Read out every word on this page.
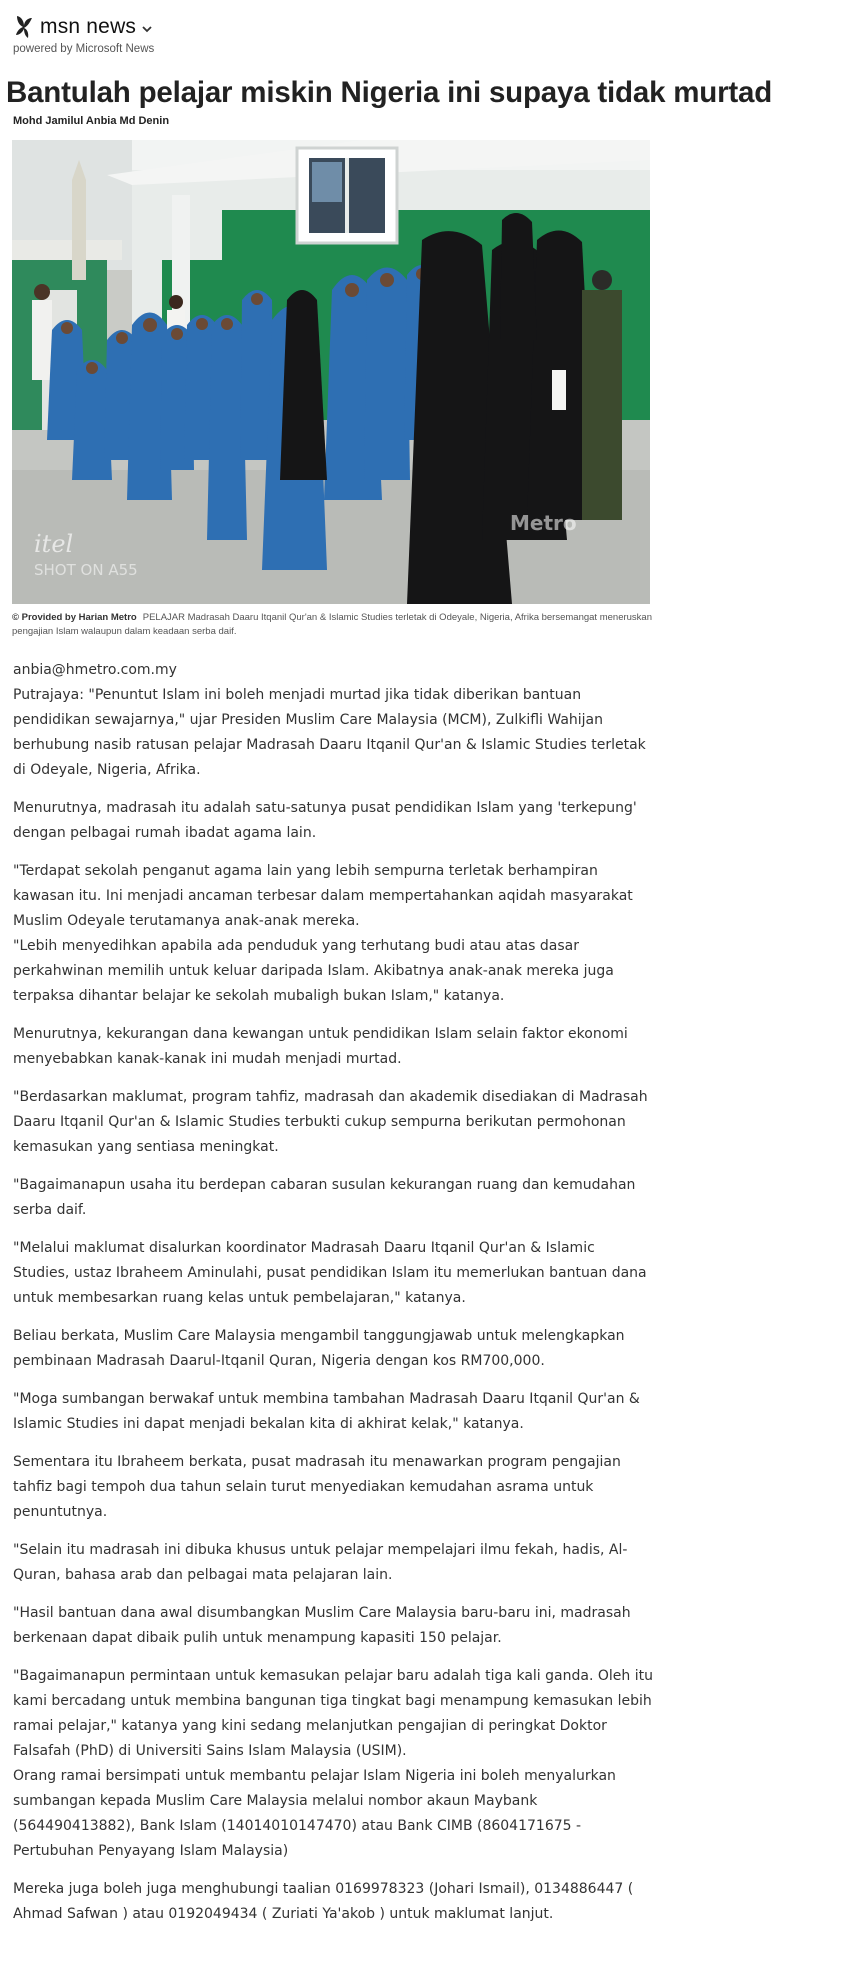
msn news
powered by Microsoft News
Bantulah pelajar miskin Nigeria ini supaya tidak murtad
Mohd Jamilul Anbia Md Denin
itel
SHOT ON A55
Metro
© Provided by Harian Metro PELAJAR Madrasah Daaru Itqanil Qur'an & Islamic Studies terletak di Odeyale, Nigeria, Afrika bersemangat meneruskan pengajian Islam walaupun dalam keadaan serba daif.

anbia@hmetro.com.my

Putrajaya: "Penuntut Islam ini boleh menjadi murtad jika tidak diberikan bantuan pendidikan sewajarnya," ujar Presiden Muslim Care Malaysia (MCM), Zulkifli Wahijan berhubung nasib ratusan pelajar Madrasah Daaru Itqanil Qur'an & Islamic Studies terletak di Odeyale, Nigeria, Afrika.

Menurutnya, madrasah itu adalah satu-satunya pusat pendidikan Islam yang 'terkepung' dengan pelbagai rumah ibadat agama lain.

"Terdapat sekolah penganut agama lain yang lebih sempurna terletak berhampiran kawasan itu. Ini menjadi ancaman terbesar dalam mempertahankan aqidah masyarakat Muslim Odeyale terutamanya anak-anak mereka.

"Lebih menyedihkan apabila ada penduduk yang terhutang budi atau atas dasar perkahwinan memilih untuk keluar daripada Islam. Akibatnya anak-anak mereka juga terpaksa dihantar belajar ke sekolah mubaligh bukan Islam," katanya.

Menurutnya, kekurangan dana kewangan untuk pendidikan Islam selain faktor ekonomi menyebabkan kanak-kanak ini mudah menjadi murtad.

"Berdasarkan maklumat, program tahfiz, madrasah dan akademik disediakan di Madrasah Daaru Itqanil Qur'an & Islamic Studies terbukti cukup sempurna berikutan permohonan kemasukan yang sentiasa meningkat.

"Bagaimanapun usaha itu berdepan cabaran susulan kekurangan ruang dan kemudahan serba daif.

"Melalui maklumat disalurkan koordinator Madrasah Daaru Itqanil Qur'an & Islamic Studies, ustaz Ibraheem Aminulahi, pusat pendidikan Islam itu memerlukan bantuan dana untuk membesarkan ruang kelas untuk pembelajaran," katanya.

Beliau berkata, Muslim Care Malaysia mengambil tanggungjawab untuk melengkapkan pembinaan Madrasah Daarul-Itqanil Quran, Nigeria dengan kos RM700,000.

"Moga sumbangan berwakaf untuk membina tambahan Madrasah Daaru Itqanil Qur'an & Islamic Studies ini dapat menjadi bekalan kita di akhirat kelak," katanya.

Sementara itu Ibraheem berkata, pusat madrasah itu menawarkan program pengajian tahfiz bagi tempoh dua tahun selain turut menyediakan kemudahan asrama untuk penuntutnya.

"Selain itu madrasah ini dibuka khusus untuk pelajar mempelajari ilmu fekah, hadis, Al-Quran, bahasa arab dan pelbagai mata pelajaran lain.

"Hasil bantuan dana awal disumbangkan Muslim Care Malaysia baru-baru ini, madrasah berkenaan dapat dibaik pulih untuk menampung kapasiti 150 pelajar.

"Bagaimanapun permintaan untuk kemasukan pelajar baru adalah tiga kali ganda. Oleh itu kami bercadang untuk membina bangunan tiga tingkat bagi menampung kemasukan lebih ramai pelajar," katanya yang kini sedang melanjutkan pengajian di peringkat Doktor Falsafah (PhD) di Universiti Sains Islam Malaysia (USIM).

Orang ramai bersimpati untuk membantu pelajar Islam Nigeria ini boleh menyalurkan sumbangan kepada Muslim Care Malaysia melalui nombor akaun Maybank (564490413882), Bank Islam (14014010147470) atau Bank CIMB (8604171675 -Pertubuhan Penyayang Islam Malaysia)

Mereka juga boleh juga menghubungi taalian 0169978323 (Johari Ismail), 0134886447 ( Ahmad Safwan ) atau 0192049434 ( Zuriati Ya'akob ) untuk maklumat lanjut.
